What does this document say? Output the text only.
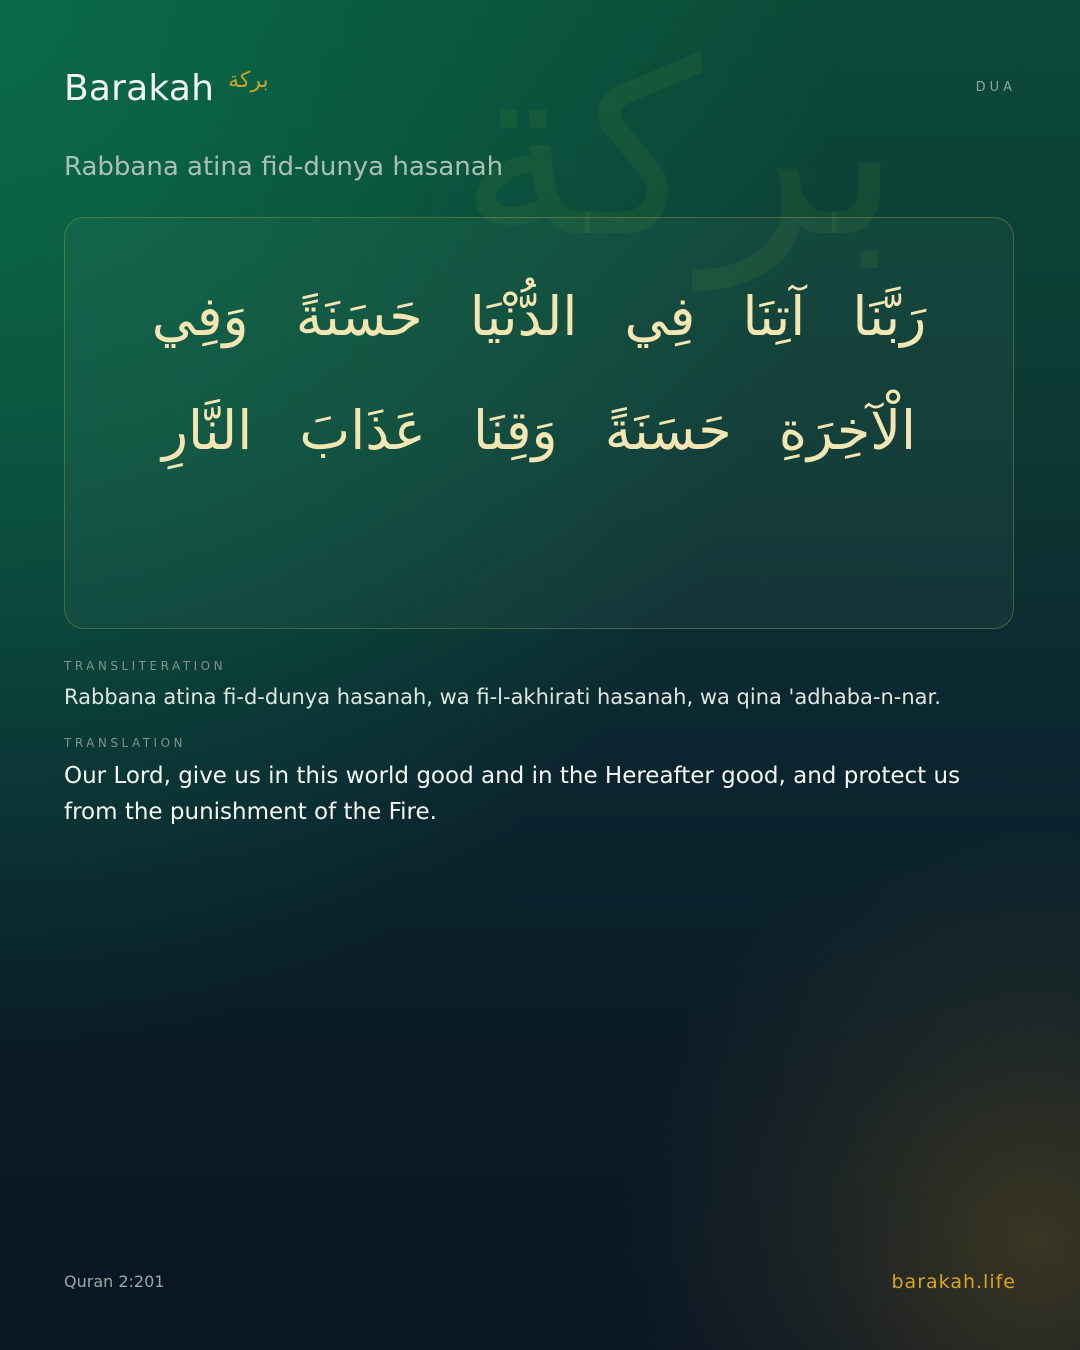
بركة
Barakah بركة	DUA
Rabbana atina fid-dunya hasanah
رَبَّنَا آتِنَا فِي الدُّنْيَا حَسَنَةً وَفِي الْآخِرَةِ حَسَنَةً وَقِنَا عَذَابَ النَّارِ
TRANSLITERATION
Rabbana atina fi-d-dunya hasanah, wa fi-l-akhirati hasanah, wa qina 'adhaba-n-nar.
TRANSLATION
Our Lord, give us in this world good and in the Hereafter good, and protect us from the punishment of the Fire.
Quran 2:201	barakah.life
